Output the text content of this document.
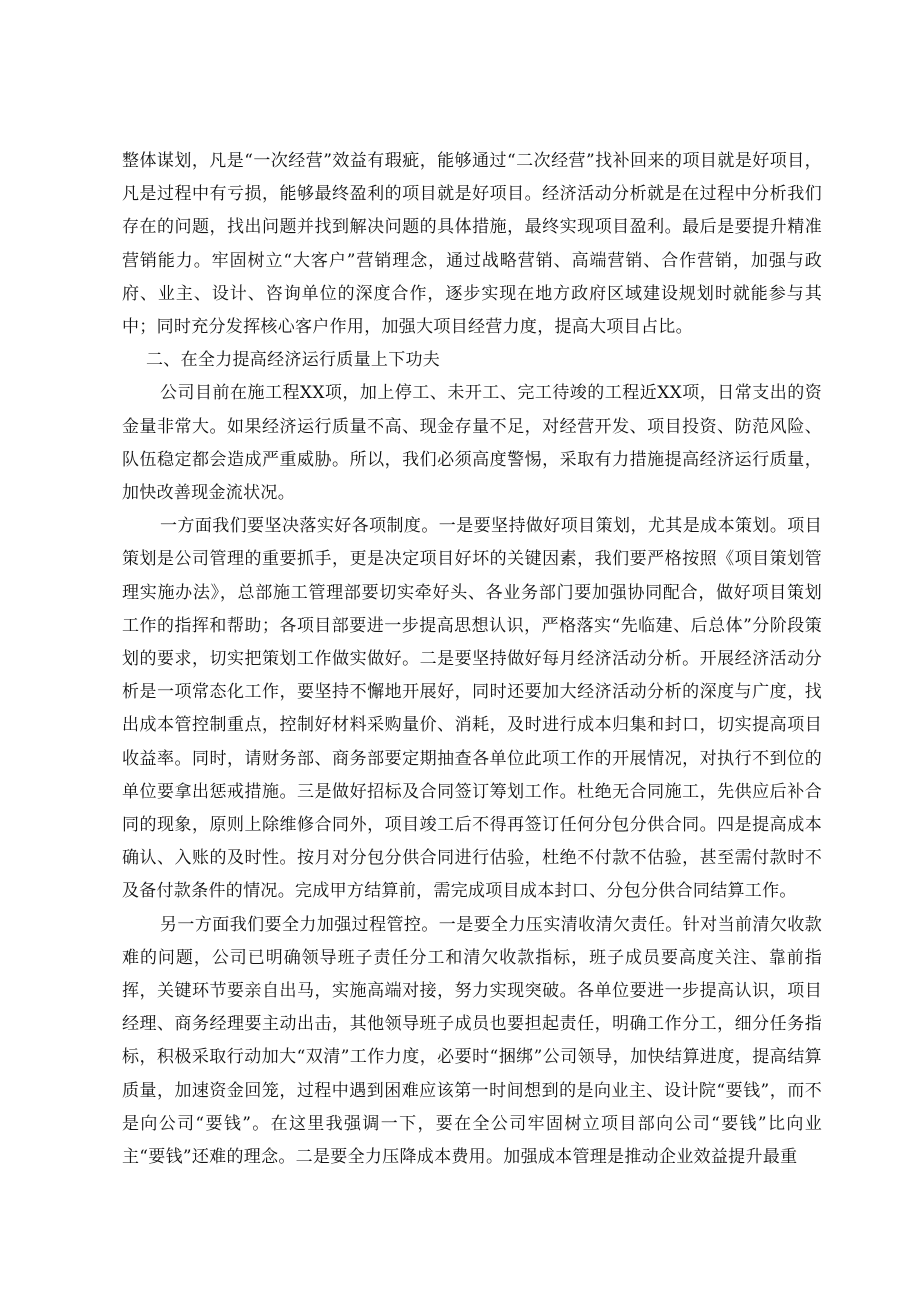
整体谋划，凡是“一次经营”效益有瑕疵，能够通过“二次经营”找补回来的项目就是好项目，凡是过程中有亏损，能够最终盈利的项目就是好项目。经济活动分析就是在过程中分析我们存在的问题，找出问题并找到解决问题的具体措施，最终实现项目盈利。最后是要提升精准营销能力。牢固树立“大客户”营销理念，通过战略营销、高端营销、合作营销，加强与政府、业主、设计、咨询单位的深度合作，逐步实现在地方政府区域建设规划时就能参与其中；同时充分发挥核心客户作用，加强大项目经营力度，提高大项目占比。

二、在全力提高经济运行质量上下功夫

公司目前在施工程XX项，加上停工、未开工、完工待竣的工程近XX项，日常支出的资金量非常大。如果经济运行质量不高、现金存量不足，对经营开发、项目投资、防范风险、队伍稳定都会造成严重威胁。所以，我们必须高度警惕，采取有力措施提高经济运行质量，加快改善现金流状况。

一方面我们要坚决落实好各项制度。一是要坚持做好项目策划，尤其是成本策划。项目策划是公司管理的重要抓手，更是决定项目好坏的关键因素，我们要严格按照《项目策划管理实施办法》，总部施工管理部要切实牵好头、各业务部门要加强协同配合，做好项目策划工作的指挥和帮助；各项目部要进一步提高思想认识，严格落实“先临建、后总体”分阶段策划的要求，切实把策划工作做实做好。二是要坚持做好每月经济活动分析。开展经济活动分析是一项常态化工作，要坚持不懈地开展好，同时还要加大经济活动分析的深度与广度，找出成本管控制重点，控制好材料采购量价、消耗，及时进行成本归集和封口，切实提高项目收益率。同时，请财务部、商务部要定期抽查各单位此项工作的开展情况，对执行不到位的单位要拿出惩戒措施。三是做好招标及合同签订筹划工作。杜绝无合同施工，先供应后补合同的现象，原则上除维修合同外，项目竣工后不得再签订任何分包分供合同。四是提高成本确认、入账的及时性。按月对分包分供合同进行估验，杜绝不付款不估验，甚至需付款时不及备付款条件的情况。完成甲方结算前，需完成项目成本封口、分包分供合同结算工作。

另一方面我们要全力加强过程管控。一是要全力压实清收清欠责任。针对当前清欠收款难的问题，公司已明确领导班子责任分工和清欠收款指标，班子成员要高度关注、靠前指挥，关键环节要亲自出马，实施高端对接，努力实现突破。各单位要进一步提高认识，项目经理、商务经理要主动出击，其他领导班子成员也要担起责任，明确工作分工，细分任务指标，积极采取行动加大“双清”工作力度，必要时“捆绑”公司领导，加快结算进度，提高结算质量，加速资金回笼，过程中遇到困难应该第一时间想到的是向业主、设计院“要钱”，而不是向公司“要钱”。在这里我强调一下，要在全公司牢固树立项目部向公司“要钱”比向业主“要钱”还难的理念。二是要全力压降成本费用。加强成本管理是推动企业效益提升最重
